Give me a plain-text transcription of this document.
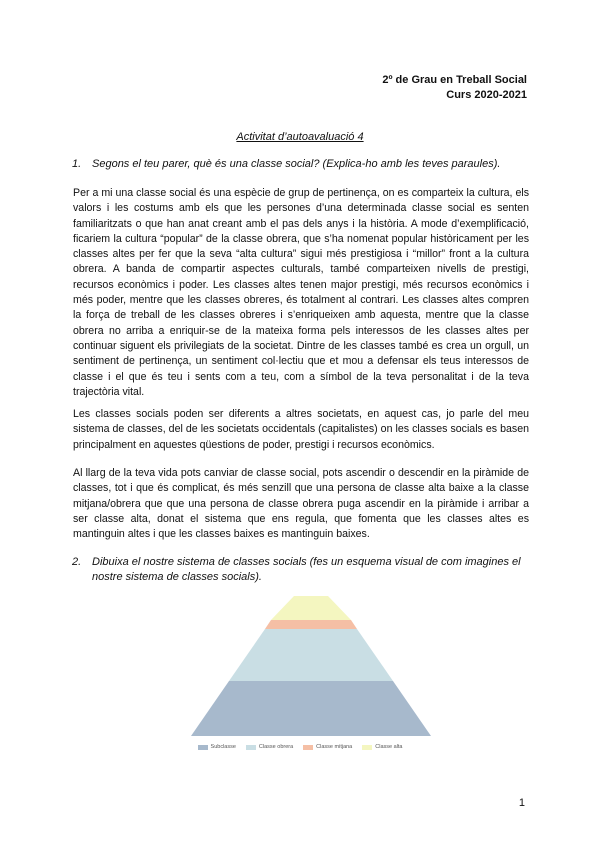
2º de Grau en Treball Social
Curs 2020-2021
Activitat d’autoavaluació 4
1. Segons el teu parer, què és una classe social? (Explica-ho amb les teves paraules).
Per a mi una classe social és una espècie de grup de pertinença, on es comparteix la cultura, els valors i les costums amb els que les persones d’una determinada classe social es senten familiaritzats o que han anat creant amb el pas dels anys i la història. A mode d’exemplificació, ficariem la cultura “popular” de la classe obrera, que s’ha nomenat popular històricament per les classes altes per fer que la seva “alta cultura” sigui més prestigiosa i “millor” front a la cultura obrera. A banda de compartir aspectes culturals, també comparteixen nivells de prestigi, recursos econòmics i poder. Les classes altes tenen major prestigi, més recursos econòmics i més poder, mentre que les classes obreres, és totalment al contrari. Les classes altes compren la força de treball de les classes obreres i s’enriqueixen amb aquesta, mentre que la classe obrera no arriba a enriquir-se de la mateixa forma pels interessos de les classes altes per continuar siguent els privilegiats de la societat. Dintre de les classes també es crea un orgull, un sentiment de pertinença, un sentiment col·lectiu que et mou a defensar els teus interessos de classe i el que és teu i sents com a teu, com a símbol de la teva personalitat i de la teva trajectòria vital.
Les classes socials poden ser diferents a altres societats, en aquest cas, jo parle del meu sistema de classes, del de les societats occidentals (capitalistes) on les classes socials es basen principalment en aquestes qüestions de poder, prestigi i recursos econòmics.
Al llarg de la teva vida pots canviar de classe social, pots ascendir o descendir en la piràmide de classes, tot i que és complicat, és més senzill que una persona de classe alta baixe a la classe mitjana/obrera que que una persona de classe obrera puga ascendir en la piràmide i arribar a ser classe alta, donat el sistema que ens regula, que fomenta que les classes altes es mantinguin altes i que les classes baixes es mantinguin baixes.
2. Dibuixa el nostre sistema de classes socials (fes un esquema visual de com imagines el nostre sistema de classes socials).
Subclasse	Classe obrera	Classe mitjana	Classe alta
1
